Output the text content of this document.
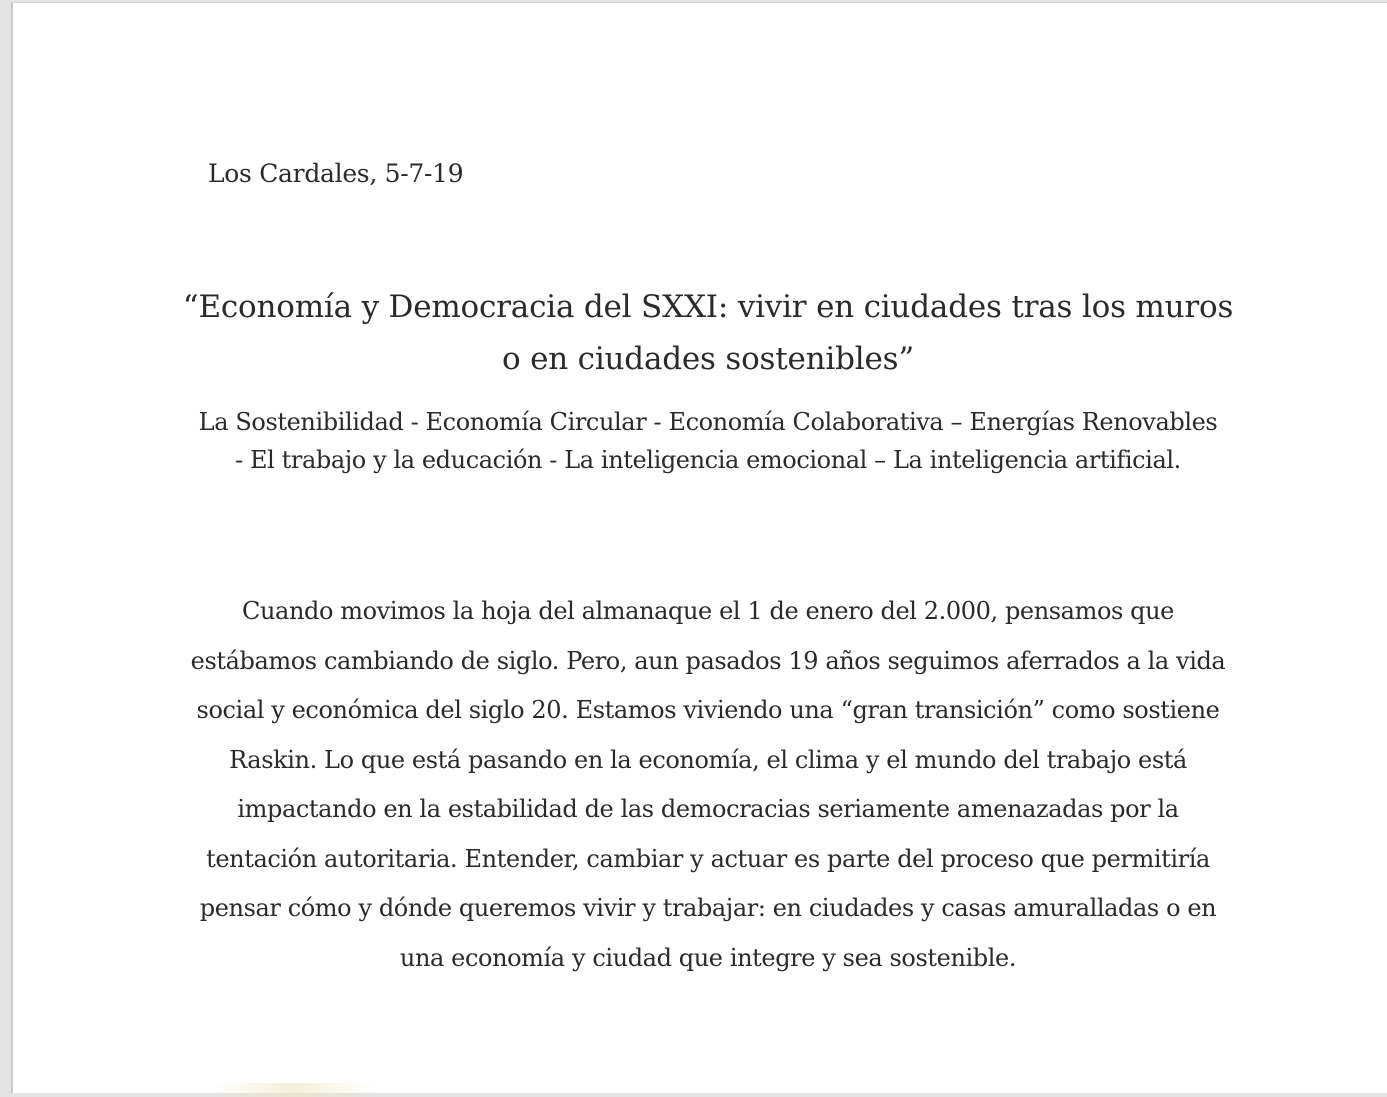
Los Cardales, 5-7-19
“Economía y Democracia del SXXI: vivir en ciudades tras los muros o en ciudades sostenibles”
La Sostenibilidad - Economía Circular - Economía Colaborativa – Energías Renovables - El trabajo y la educación - La inteligencia emocional – La inteligencia artificial.
Cuando movimos la hoja del almanaque el 1 de enero del 2.000, pensamos que estábamos cambiando de siglo. Pero, aun pasados 19 años seguimos aferrados a la vida social y económica del siglo 20. Estamos viviendo una “gran transición” como sostiene Raskin. Lo que está pasando en la economía, el clima y el mundo del trabajo está impactando en la estabilidad de las democracias seriamente amenazadas por la tentación autoritaria. Entender, cambiar y actuar es parte del proceso que permitiría pensar cómo y dónde queremos vivir y trabajar: en ciudades y casas amuralladas o en una economía y ciudad que integre y sea sostenible.
